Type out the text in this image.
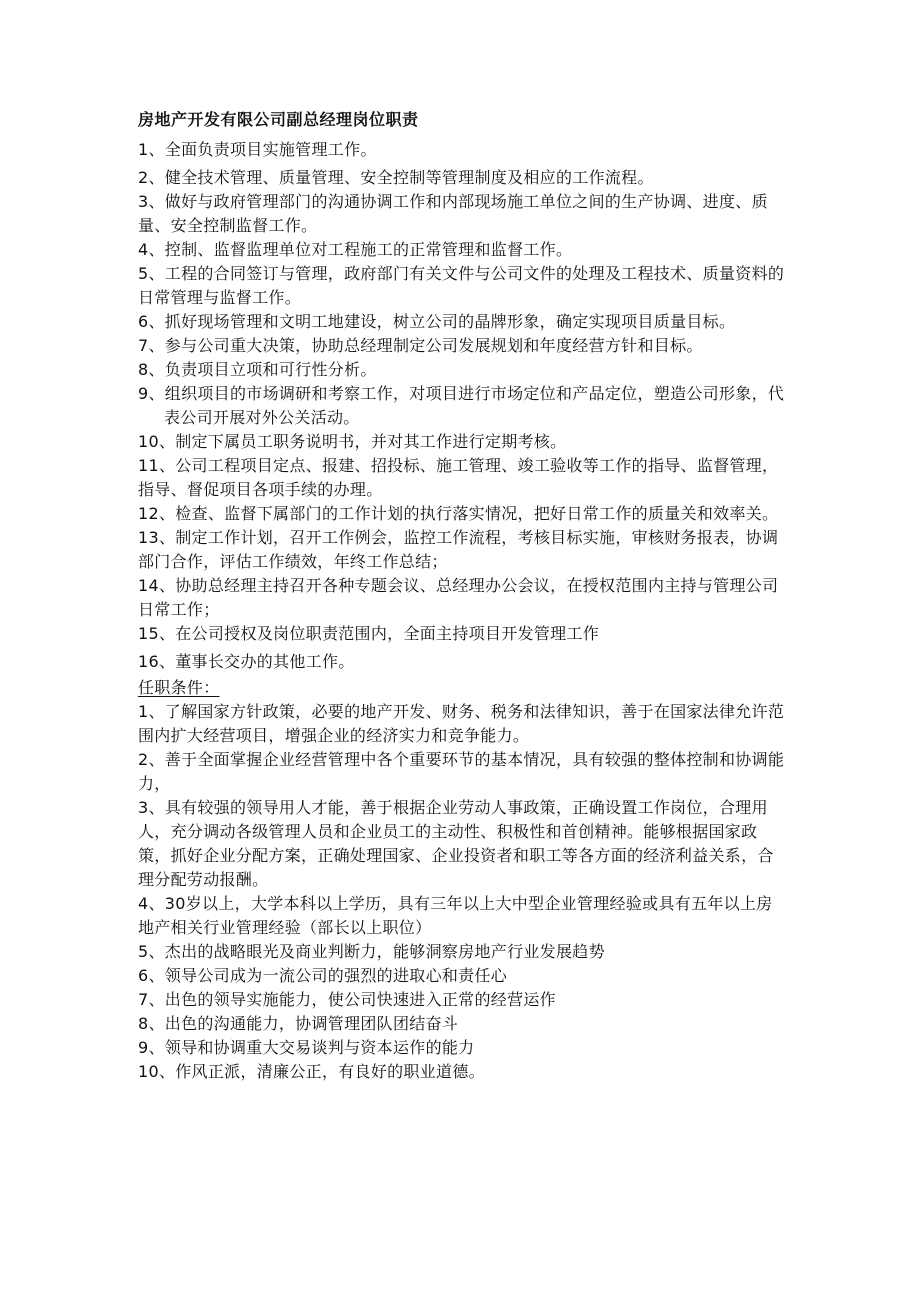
房地产开发有限公司副总经理岗位职责

1、全面负责项目实施管理工作。

2、健全技术管理、质量管理、安全控制等管理制度及相应的工作流程。

3、做好与政府管理部门的沟通协调工作和内部现场施工单位之间的生产协调、进度、质量、安全控制监督工作。

4、控制、监督监理单位对工程施工的正常管理和监督工作。

5、工程的合同签订与管理，政府部门有关文件与公司文件的处理及工程技术、质量资料的日常管理与监督工作。

6、抓好现场管理和文明工地建设，树立公司的晶牌形象，确定实现项目质量目标。

7、参与公司重大决策，协助总经理制定公司发展规划和年度经营方针和目标。

8、负责项目立项和可行性分析。

9、组织项目的市场调研和考察工作，对项目进行市场定位和产品定位，塑造公司形象，代表公司开展对外公关活动。

10、制定下属员工职务说明书，并对其工作进行定期考核。

11、公司工程项目定点、报建、招投标、施工管理、竣工验收等工作的指导、监督管理，指导、督促项目各项手续的办理。

12、检查、监督下属部门的工作计划的执行落实情况，把好日常工作的质量关和效率关。

13、制定工作计划，召开工作例会，监控工作流程，考核目标实施，审核财务报表，协调部门合作，评估工作绩效，年终工作总结；

14、协助总经理主持召开各种专题会议、总经理办公会议，在授权范围内主持与管理公司日常工作；

15、在公司授权及岗位职责范围内，全面主持项目开发管理工作

16、董事长交办的其他工作。

任职条件：

1、了解国家方针政策，必要的地产开发、财务、税务和法律知识，善于在国家法律允许范围内扩大经营项目，增强企业的经济实力和竞争能力。

2、善于全面掌握企业经营管理中各个重要环节的基本情况，具有较强的整体控制和协调能力，

3、具有较强的领导用人才能，善于根据企业劳动人事政策，正确设置工作岗位，合理用人，充分调动各级管理人员和企业员工的主动性、积极性和首创精神。能够根据国家政策，抓好企业分配方案，正确处理国家、企业投资者和职工等各方面的经济利益关系，合理分配劳动报酬。

4、30岁以上，大学本科以上学历，具有三年以上大中型企业管理经验或具有五年以上房地产相关行业管理经验（部长以上职位）

5、杰出的战略眼光及商业判断力，能够洞察房地产行业发展趋势

6、领导公司成为一流公司的强烈的进取心和责任心

7、出色的领导实施能力，使公司快速进入正常的经营运作

8、出色的沟通能力，协调管理团队团结奋斗

9、领导和协调重大交易谈判与资本运作的能力

10、作风正派，清廉公正，有良好的职业道德。
